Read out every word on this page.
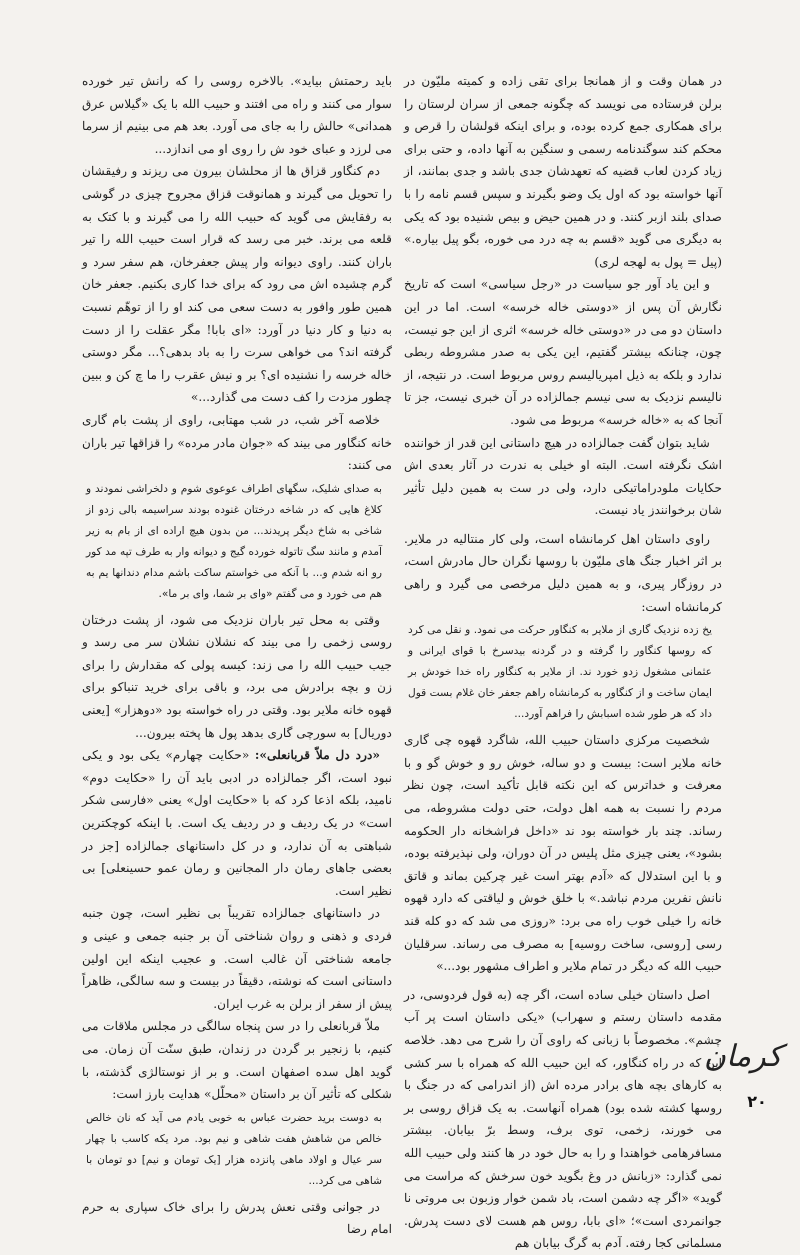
در همان وقت و از همانجا برای تقی زاده و کمیته ملیّون در برلن فرستاده می نویسد که چگونه جمعی از سران لرستان را برای همکاری جمع کرده بوده، و برای اینکه قولشان را قرص و محکم کند سوگندنامه رسمی و سنگین به آنها داده، و حتی برای زیاد کردن لعاب قضیه که تعهدشان جدی باشد و جدی بمانند، از آنها خواسته بود که اول یک وضو بگیرند و سپس قسم نامه را با صدای بلند ازبر کنند. و در همین حیض و بیص شنیده بود که یکی به دیگری می گوید «قسم به چه درد می خوره، بگو پیل بیاره.» (پیل = پول به لهجه لری)

و این یاد آور جو سیاست در «رجل سیاسی» است که تاریخ نگارش آن پس از «دوستی خاله خرسه» است. اما در این داستان دو می در «دوستی خاله خرسه» اثری از این جو نیست، چون، چنانکه بیشتر گفتیم، این یکی به صدر مشروطه ربطی ندارد و بلکه به ذیل امپریالیسم روس مربوط است. در نتیجه، از نالیسم نزدیک به سی نیسم جمالزاده در آن خبری نیست، جز تا آنجا که به «خاله خرسه» مربوط می شود.

شاید بتوان گفت جمالزاده در هیچ داستانی این قدر از خواننده اشک نگرفته است. البته او خیلی به ندرت در آثار بعدی اش حکایات ملودراماتیکی دارد، ولی در ست به همین دلیل تأثیر شان برخوانندز یاد نیست.

راوی داستان اهل کرمانشاه است، ولی کار منتالیه در ملایر. بر اثر اخبار جنگ های ملیّون با روسها نگران حال مادرش است، در روزگار پیری، و به همین دلیل مرخصی می گیرد و راهی کرمانشاه است:

یخ زده نزدیک گاری از ملایر به کنگاور حرکت می نمود. و نقل می کرد که روسها کنگاور را گرفته و در گردنه بیدسرخ با قوای ایرانی و عثمانی مشغول زدو خورد ند. از ملایر به کنگاور راه خدا خودش بر ایمان ساخت و از کنگاور به کرمانشاه راهم جعفر خان غلام بست قول داد که هر طور شده اسبابش را فراهم آورد...

شخصیت مرکزی داستان حبیب الله، شاگرد قهوه چی گاری خانه ملایر است: بیست و دو ساله، خوش رو و خوش گو و با معرفت و خداترس که این نکته قابل تأکید است، چون نظر مردم را نسبت به همه اهل دولت، حتی دولت مشروطه، می رساند. چند بار خواسته بود ند «داخل فراشخانه دار الحکومه بشود»، یعنی چیزی مثل پلیس در آن دوران، ولی نپذیرفته بوده، و با این استدلال که «آدم بهتر است غیر چرکین بماند و قاتق نانش نفرین مردم نباشد.» با خلق خوش و لیاقتی که دارد قهوه خانه را خیلی خوب راه می برد: «روزی می شد که دو کله قند رسی [روسی، ساخت روسیه] به مصرف می رساند. سرقلیان حبیب الله که دیگر در تمام ملایر و اطراف مشهور بود...»

اصل داستان خیلی ساده است، اگر چه (به قول فردوسی، در مقدمه داستان رستم و سهراب) «یکی داستان است پر آب چشم». مخصوصاً با زبانی که راوی آن را شرح می دهد. خلاصه این که در راه کنگاور، که این حبیب الله که همراه با سر کشی به کارهای بچه های برادر مرده اش (از اندرامی که در جنگ با روسها کشته شده بود) همراه آنهاست. به یک قزاق روسی بر می خورند، زخمی، توی برف، وسط برّ بیابان. بیشتر مسافرهامی خواهندا و را به حال خود در ها کنند ولی حبیب الله نمی گذارد: «زبانش در وغ بگوید خون سرخش که مراست می گوید» «اگر چه دشمن است، باد شمن خوار وزبون بی مروتی نا جوانمردی است»؛ «ای بابا، روس هم هست لای دست پدرش. مسلمانی کجا رفته. آدم به گرگ بیابان هم

باید رحمتش بیاید». بالاخره روسی را که رانش تیر خورده سوار می کنند و راه می افتند و حبیب الله با یک «گیلاس عرق همدانی» حالش را به جای می آورد. بعد هم می بینیم از سرما می لرزد و عبای خود ش را روی او می اندازد...

دم کنگاور قزاق ها از محلشان بیرون می ریزند و رفیقشان را تحویل می گیرند و همانوقت قزاق مجروح چیزی در گوشی به رفقایش می گوید که حبیب الله را می گیرند و با کتک به قلعه می برند. خبر می رسد که قرار است حبیب الله را تیر باران کنند. راوی دیوانه وار پیش جعفرخان، هم سفر سرد و گرم چشیده اش می رود که برای خدا کاری بکنیم. جعفر خان همین طور وافور به دست سعی می کند او را از توهّم نسبت به دنیا و کار دنیا در آورد: «ای بابا! مگر عقلت را از دست گرفته اند؟ می خواهی سرت را به باد بدهی؟... مگر دوستی خاله خرسه را نشنیده ای؟ بر و نیش عقرب را ما چ کن و ببین چطور مزدت را کف دست می گذارد...»

خلاصه آخر شب، در شب مهتابی، راوی از پشت بام گاری خانه کنگاور می بیند که «جوان مادر مرده» را قزاقها تیر باران می کنند:

به صدای شلیک، سگهای اطراف عوعوی شوم و دلخراشی نمودند و کلاغ هایی که در شاخه درختان غنوده بودند سراسیمه بالی زدو از شاخی به شاخ دیگر پریدند... من بدون هیچ اراده ای از بام به زیر آمدم و مانند سگ تاتوله خورده گیج و دیوانه وار به طرف تپه مد کور رو انه شدم و... با آنکه می خواستم ساکت باشم مدام دندانها یم به هم می خورد و می گفتم «وای بر شما، وای بر ما».

وقتی به محل تیر باران نزدیک می شود، از پشت درختان روسی زخمی را می بیند که نشلان نشلان سر می رسد و جیب حبیب الله را می زند: کیسه پولی که مقدارش را برای زن و بچه برادرش می برد، و باقی برای خرید تنباکو برای قهوه خانه ملایر بود. وقتی در راه خواسته بود «دوهزار» [یعنی دوریال] به سورچی گاری بدهد پول ها پخته بیرون...

«درد دل ملاّ قربانعلی»: «حکایت چهارم» یکی بود و یکی نبود است، اگر جمالزاده در ادبی باید آن را «حکایت دوم» نامید، بلکه اذعا کرد که با «حکایت اول» یعنی «فارسی شکر است» در یک ردیف و در ردیف یک است. با اینکه کوچکترین شباهتی به آن ندارد، و در کل داستانهای جمالزاده [جز در بعضی جاهای رمان دار المجانین و رمان عمو حسینعلی] بی نظیر است.

در داستانهای جمالزاده تقریباً بی نظیر است، چون جنبه فردی و ذهنی و روان شناختی آن بر جنبه جمعی و عینی و جامعه شناختی آن غالب است. و عجیب اینکه این اولین داستانی است که نوشته، دقیقاً در بیست و سه سالگی، ظاهراً پیش از سفر از برلن به غرب ایران.

ملاّ قربانعلی را در سن پنجاه سالگی در مجلس ملاقات می کنیم، با زنجیر بر گردن در زندان، طبق سنّت آن زمان. می گوید اهل سده اصفهان است. و بر از نوستالژی گذشته، با شکلی که تأثیر آن بر داستان «محلّل» هدایت بارز است:

به دوست برید حضرت عباس به خوبی یادم می آید که نان خالص خالص من شاهش هفت شاهی و نیم بود. مرد یکه کاسب با چهار سر عیال و اولاد ماهی پانزده هزار [یک تومان و نیم] دو تومان با شاهی می کرد...

در جوانی وقتی نعش پدرش را برای خاک سپاری به حرم امام رضا

کرمان
۲۰
